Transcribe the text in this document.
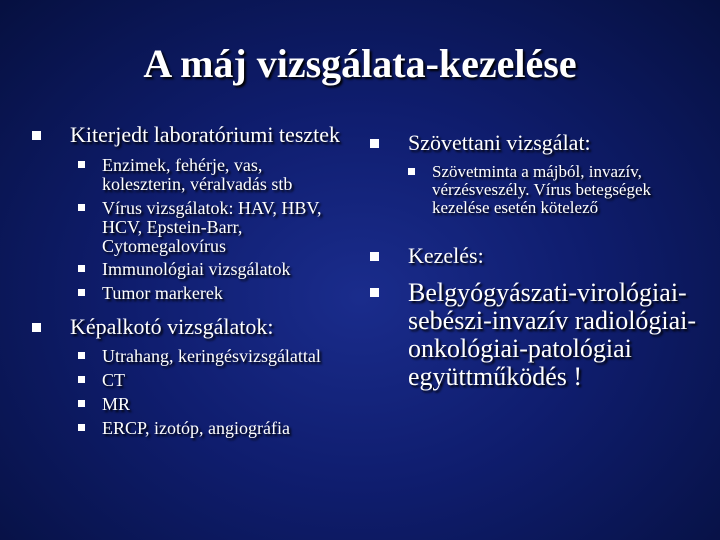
A máj vizsgálata-kezelése
Kiterjedt laboratóriumi tesztek
Enzimek, fehérje, vas, koleszterin, véralvadás stb
Vírus vizsgálatok: HAV, HBV, HCV, Epstein-Barr, Cytomegalovírus
Immunológiai vizsgálatok
Tumor markerek
Képalkotó vizsgálatok:
Utrahang, keringésvizsgálattal
CT
MR
ERCP, izotóp, angiográfia
Szövettani vizsgálat:
Szövetminta a májból, invazív, vérzésveszély. Vírus betegségek kezelése esetén kötelező
Kezelés:
Belgyógyászati-virológiai-sebészi-invazív radiológiai-onkológiai-patológiai együttműködés !
